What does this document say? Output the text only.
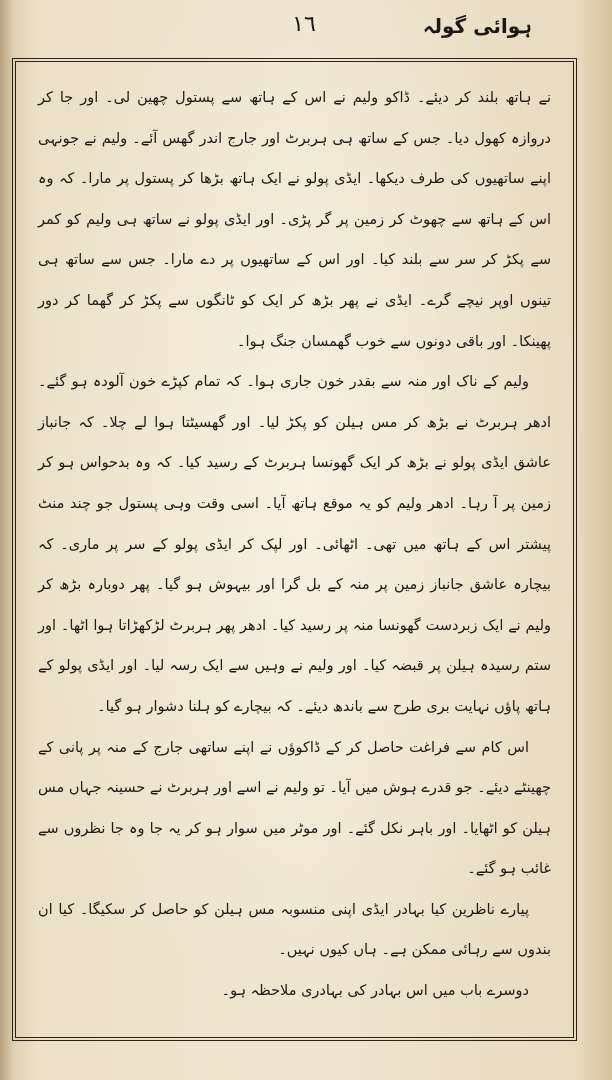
ہوائی گولہ
١٦

نے ہاتھ بلند کر دیئے۔ ڈاکو ولیم نے اس کے ہاتھ سے پستول چھین لی۔ اور جا کر دروازہ کھول دیا۔ جس کے ساتھ ہی ہربرٹ اور جارج اندر گھس آئے۔ ولیم نے جونہی اپنے ساتھیوں کی طرف دیکھا۔ ایڈی پولو نے ایک ہاتھ بڑھا کر پستول پر مارا۔ کہ وہ اس کے ہاتھ سے چھوٹ کر زمین پر گر پڑی۔ اور ایڈی پولو نے ساتھ ہی ولیم کو کمر سے پکڑ کر سر سے بلند کیا۔ اور اس کے ساتھیوں پر دے مارا۔ جس سے ساتھ ہی تینوں اوپر نیچے گرے۔ ایڈی نے پھر بڑھ کر ایک کو ٹانگوں سے پکڑ کر گھما کر دور پھینکا۔ اور باقی دونوں سے خوب گھمسان جنگ ہوا۔

ولیم کے ناک اور منہ سے بقدر خون جاری ہوا۔ کہ تمام کپڑے خون آلودہ ہو گئے۔ ادھر ہربرٹ نے بڑھ کر مس ہیلن کو پکڑ لیا۔ اور گھسیٹتا ہوا لے چلا۔ کہ جانباز عاشق ایڈی پولو نے بڑھ کر ایک گھونسا ہربرٹ کے رسید کیا۔ کہ وہ بدحواس ہو کر زمین پر آ رہا۔ ادھر ولیم کو یہ موقع ہاتھ آیا۔ اسی وقت وہی پستول جو چند منٹ پیشتر اس کے ہاتھ میں تھی۔ اٹھائی۔ اور لپک کر ایڈی پولو کے سر پر ماری۔ کہ بیچارہ عاشق جانباز زمین پر منہ کے بل گرا اور بیہوش ہو گیا۔ پھر دوبارہ بڑھ کر ولیم نے ایک زبردست گھونسا منہ پر رسید کیا۔ ادھر پھر ہربرٹ لڑکھڑاتا ہوا اٹھا۔ اور ستم رسیدہ ہیلن پر قبضہ کیا۔ اور ولیم نے وہیں سے ایک رسہ لیا۔ اور ایڈی پولو کے ہاتھ پاؤں نہایت بری طرح سے باندھ دیئے۔ کہ بیچارے کو ہلنا دشوار ہو گیا۔

اس کام سے فراغت حاصل کر کے ڈاکوؤں نے اپنے ساتھی جارج کے منہ پر پانی کے چھینٹے دیئے۔ جو قدرے ہوش میں آیا۔ تو ولیم نے اسے اور ہربرٹ نے حسینہ جہاں مس ہیلن کو اٹھایا۔ اور باہر نکل گئے۔ اور موٹر میں سوار ہو کر یہ جا وہ جا نظروں سے غائب ہو گئے۔

پیارے ناظرین کیا بہادر ایڈی اپنی منسوبہ مس ہیلن کو حاصل کر سکیگا۔ کیا ان بندوں سے رہائی ممکن ہے۔ ہاں کیوں نہیں۔

دوسرے باب میں اس بہادر کی بہادری ملاحظہ ہو۔
